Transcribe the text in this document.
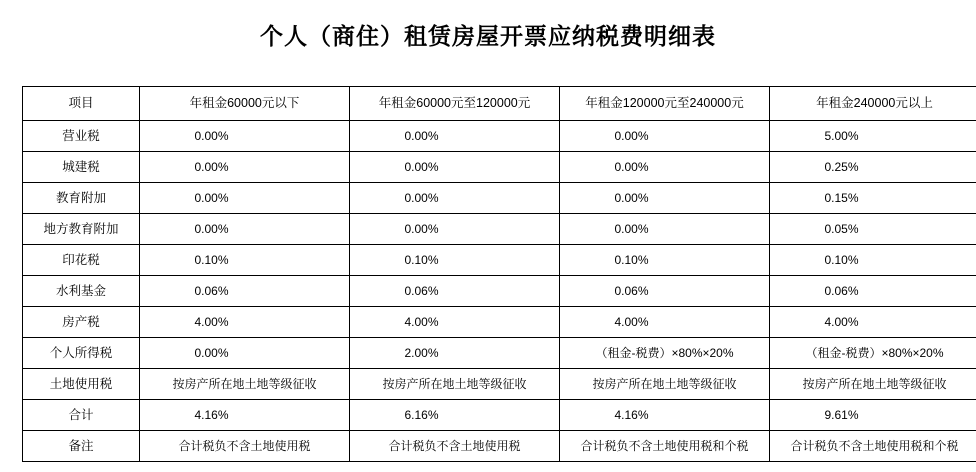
个人（商住）租赁房屋开票应纳税费明细表
项目	年租金60000元以下	年租金60000元至120000元	年租金120000元至240000元	年租金240000元以上
营业税	0.00%	0.00%	0.00%	5.00%
城建税	0.00%	0.00%	0.00%	0.25%
教育附加	0.00%	0.00%	0.00%	0.15%
地方教育附加	0.00%	0.00%	0.00%	0.05%
印花税	0.10%	0.10%	0.10%	0.10%
水利基金	0.06%	0.06%	0.06%	0.06%
房产税	4.00%	4.00%	4.00%	4.00%
个人所得税	0.00%	2.00%	（租金-税费）×80%×20%	（租金-税费）×80%×20%
土地使用税	按房产所在地土地等级征收	按房产所在地土地等级征收	按房产所在地土地等级征收	按房产所在地土地等级征收
合计	4.16%	6.16%	4.16%	9.61%
备注	合计税负不含土地使用税	合计税负不含土地使用税	合计税负不含土地使用税和个税	合计税负不含土地使用税和个税
